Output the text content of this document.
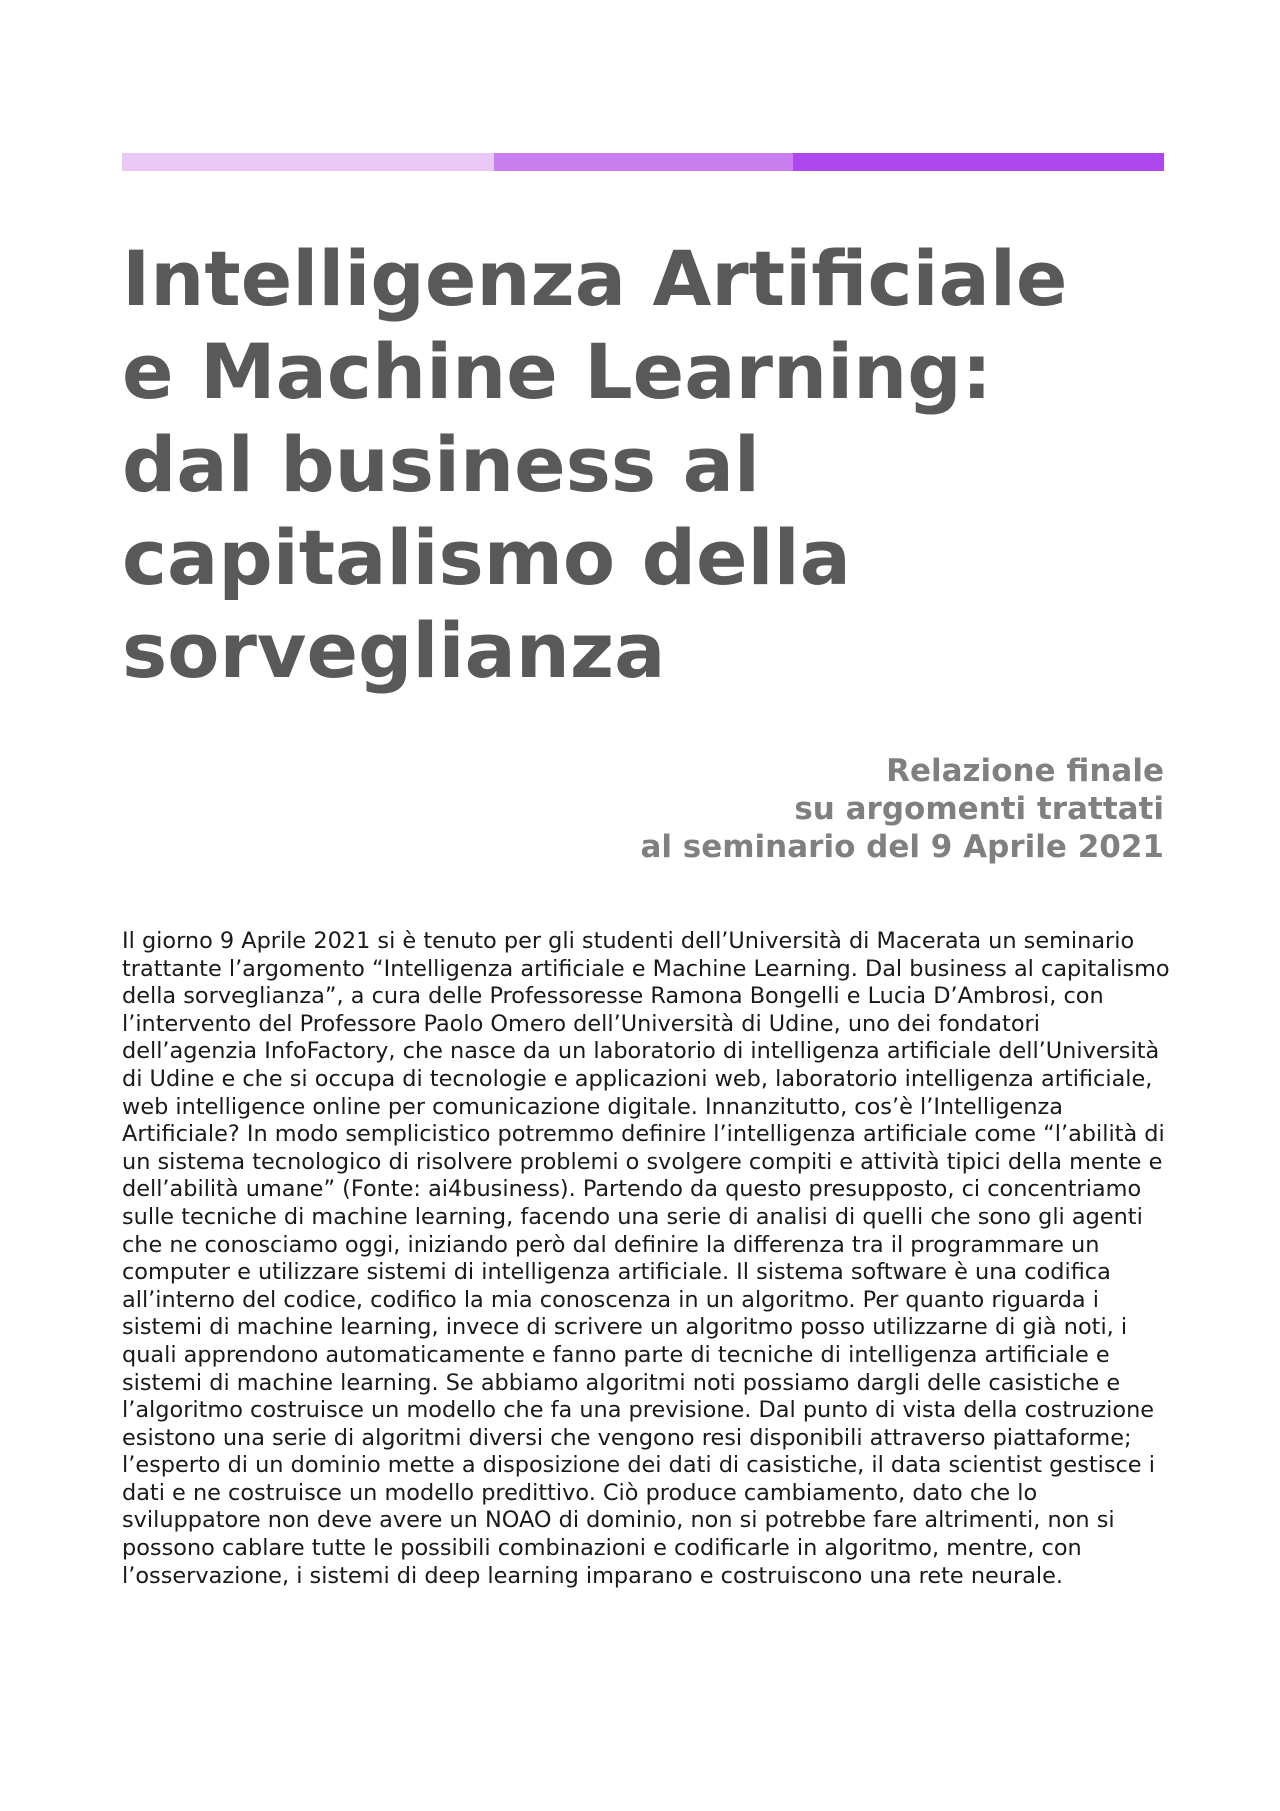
Intelligenza Artificiale
e Machine Learning:
dal business al
capitalismo della
sorveglianza
Relazione finale
su argomenti trattati
al seminario del 9 Aprile 2021

Il giorno 9 Aprile 2021 si è tenuto per gli studenti dell’Università di Macerata un seminario trattante l’argomento “Intelligenza artificiale e Machine Learning. Dal business al capitalismo della sorveglianza”, a cura delle Professoresse Ramona Bongelli e Lucia D’Ambrosi, con l’intervento del Professore Paolo Omero dell’Università di Udine, uno dei fondatori dell’agenzia InfoFactory, che nasce da un laboratorio di intelligenza artificiale dell’Università di Udine e che si occupa di tecnologie e applicazioni web, laboratorio intelligenza artificiale, web intelligence online per comunicazione digitale. Innanzitutto, cos’è l’Intelligenza Artificiale? In modo semplicistico potremmo definire l’intelligenza artificiale come “l’abilità di un sistema tecnologico di risolvere problemi o svolgere compiti e attività tipici della mente e dell’abilità umane” (Fonte: ai4business). Partendo da questo presupposto, ci concentriamo sulle tecniche di machine learning, facendo una serie di analisi di quelli che sono gli agenti che ne conosciamo oggi, iniziando però dal definire la differenza tra il programmare un computer e utilizzare sistemi di intelligenza artificiale. Il sistema software è una codifica all’interno del codice, codifico la mia conoscenza in un algoritmo. Per quanto riguarda i sistemi di machine learning, invece di scrivere un algoritmo posso utilizzarne di già noti, i quali apprendono automaticamente e fanno parte di tecniche di intelligenza artificiale e sistemi di machine learning. Se abbiamo algoritmi noti possiamo dargli delle casistiche e l’algoritmo costruisce un modello che fa una previsione. Dal punto di vista della costruzione esistono una serie di algoritmi diversi che vengono resi disponibili attraverso piattaforme; l’esperto di un dominio mette a disposizione dei dati di casistiche, il data scientist gestisce i dati e ne costruisce un modello predittivo. Ciò produce cambiamento, dato che lo sviluppatore non deve avere un NOAO di dominio, non si potrebbe fare altrimenti, non si possono cablare tutte le possibili combinazioni e codificarle in algoritmo, mentre, con l’osservazione, i sistemi di deep learning imparano e costruiscono una rete neurale.
